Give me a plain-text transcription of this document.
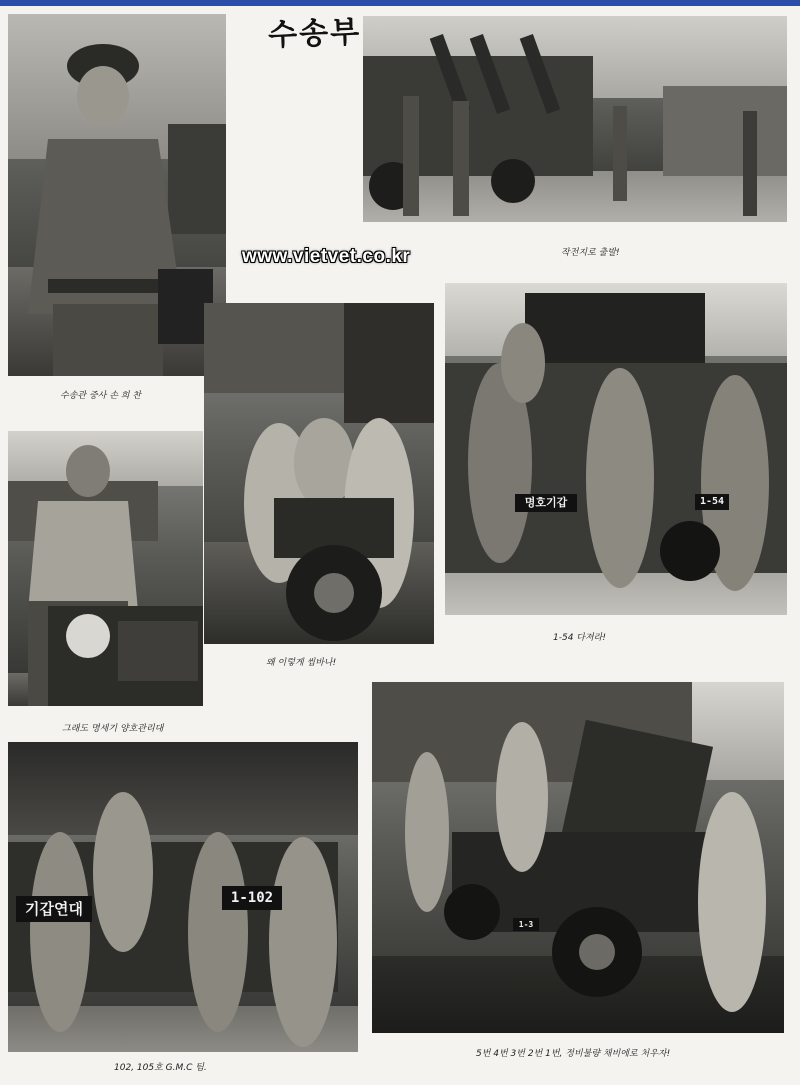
수송부
수송관 중사 손 희 찬
작전지로 출발!
www.vietvet.co.kr
왜 이렇게 씹바나!
명호기갑	1-54
1-54 다져라!
그래도 명세기 양호관리대
기갑연대
1-102
102, 105호 G.M.C 팀.
1-3
5번 4번 3번 2번 1번, 정비불량 채비에로 처우자!
